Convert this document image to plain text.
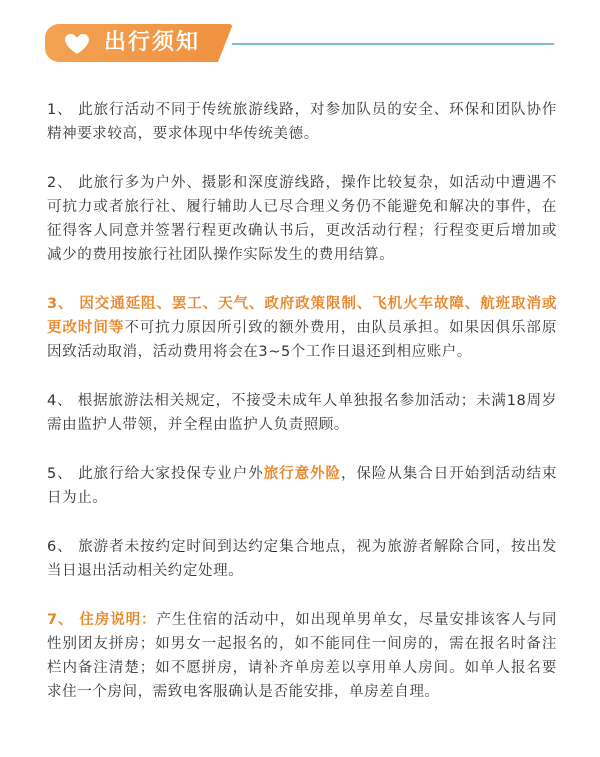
出行须知

1、 此旅行活动不同于传统旅游线路，对参加队员的安全、环保和团队协作精神要求较高，要求体现中华传统美德。

2、 此旅行多为户外、摄影和深度游线路，操作比较复杂，如活动中遭遇不可抗力或者旅行社、履行辅助人已尽合理义务仍不能避免和解决的事件，在征得客人同意并签署行程更改确认书后，更改活动行程；行程变更后增加或减少的费用按旅行社团队操作实际发生的费用结算。

3、 因交通延阻、罢工、天气、政府政策限制、飞机火车故障、航班取消或更改时间等不可抗力原因所引致的额外费用，由队员承担。如果因俱乐部原因致活动取消，活动费用将会在3~5个工作日退还到相应账户。

4、 根据旅游法相关规定，不接受未成年人单独报名参加活动；未满18周岁需由监护人带领，并全程由监护人负责照顾。

5、 此旅行给大家投保专业户外旅行意外险，保险从集合日开始到活动结束日为止。

6、 旅游者未按约定时间到达约定集合地点，视为旅游者解除合同，按出发当日退出活动相关约定处理。

7、 住房说明：产生住宿的活动中，如出现单男单女，尽量安排该客人与同性别团友拼房；如男女一起报名的，如不能同住一间房的，需在报名时备注栏内备注清楚；如不愿拼房，请补齐单房差以享用单人房间。如单人报名要求住一个房间，需致电客服确认是否能安排，单房差自理。
